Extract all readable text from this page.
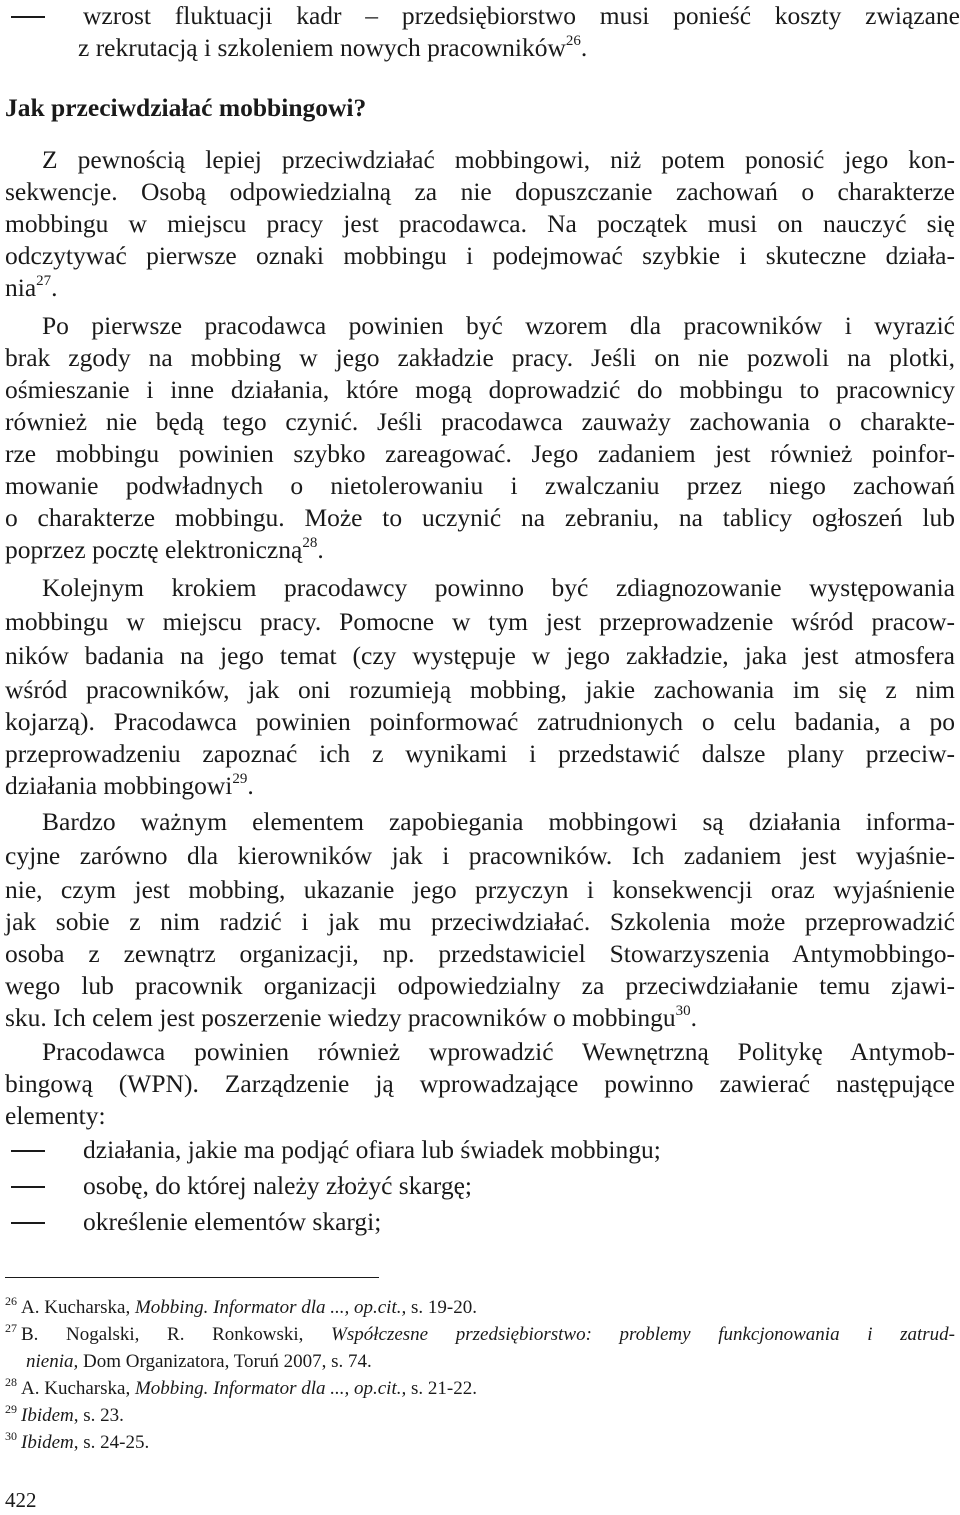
wzrost fluktuacji kadr – przedsiębiorstwo musi ponieść koszty związane
z rekrutacją i szkoleniem nowych pracowników$^{26}$.
Jak przeciwdziałać mobbingowi?
Z pewnością lepiej przeciwdziałać mobbingowi, niż potem ponosić jego kon-
sekwencje. Osobą odpowiedzialną za nie dopuszczanie zachowań o charakterze
mobbingu w miejscu pracy jest pracodawca. Na początek musi on nauczyć się
odczytywać pierwsze oznaki mobbingu i podejmować szybkie i skuteczne działa-
nia$^{27}$.
Po pierwsze pracodawca powinien być wzorem dla pracowników i wyrazić
brak zgody na mobbing w jego zakładzie pracy. Jeśli on nie pozwoli na plotki,
ośmieszanie i inne działania, które mogą doprowadzić do mobbingu to pracownicy
również nie będą tego czynić. Jeśli pracodawca zauważy zachowania o charakte-
rze mobbingu powinien szybko zareagować. Jego zadaniem jest również poinfor-
mowanie podwładnych o nietolerowaniu i zwalczaniu przez niego zachowań
o charakterze mobbingu. Może to uczynić na zebraniu, na tablicy ogłoszeń lub
poprzez pocztę elektroniczną$^{28}$.
Kolejnym krokiem pracodawcy powinno być zdiagnozowanie występowania
mobbingu w miejscu pracy. Pomocne w tym jest przeprowadzenie wśród pracow-
ników badania na jego temat (czy występuje w jego zakładzie, jaka jest atmosfera
wśród pracowników, jak oni rozumieją mobbing, jakie zachowania im się z nim
kojarzą). Pracodawca powinien poinformować zatrudnionych o celu badania, a po
przeprowadzeniu zapoznać ich z wynikami i przedstawić dalsze plany przeciw-
działania mobbingowi$^{29}$.
Bardzo ważnym elementem zapobiegania mobbingowi są działania informa-
cyjne zarówno dla kierowników jak i pracowników. Ich zadaniem jest wyjaśnie-
nie, czym jest mobbing, ukazanie jego przyczyn i konsekwencji oraz wyjaśnienie
jak sobie z nim radzić i jak mu przeciwdziałać. Szkolenia może przeprowadzić
osoba z zewnątrz organizacji, np. przedstawiciel Stowarzyszenia Antymobbingo-
wego lub pracownik organizacji odpowiedzialny za przeciwdziałanie temu zjawi-
sku. Ich celem jest poszerzenie wiedzy pracowników o mobbingu$^{30}$.
Pracodawca powinien również wprowadzić Wewnętrzną Politykę Antymob-
bingową (WPN). Zarządzenie ją wprowadzające powinno zawierać następujące
elementy:
działania, jakie ma podjąć ofiara lub świadek mobbingu;
osobę, do której należy złożyć skargę;
określenie elementów skargi;
$^{26}$ A. Kucharska, Mobbing. Informator dla ..., op.cit., s. 19-20.
$^{27}$ B. Nogalski, R. Ronkowski, Współczesne przedsiębiorstwo: problemy funkcjonowania i zatrud-
nienia, Dom Organizatora, Toruń 2007, s. 74.
$^{28}$ A. Kucharska, Mobbing. Informator dla ..., op.cit., s. 21-22.
$^{29}$ Ibidem, s. 23.
$^{30}$ Ibidem, s. 24-25.
422
